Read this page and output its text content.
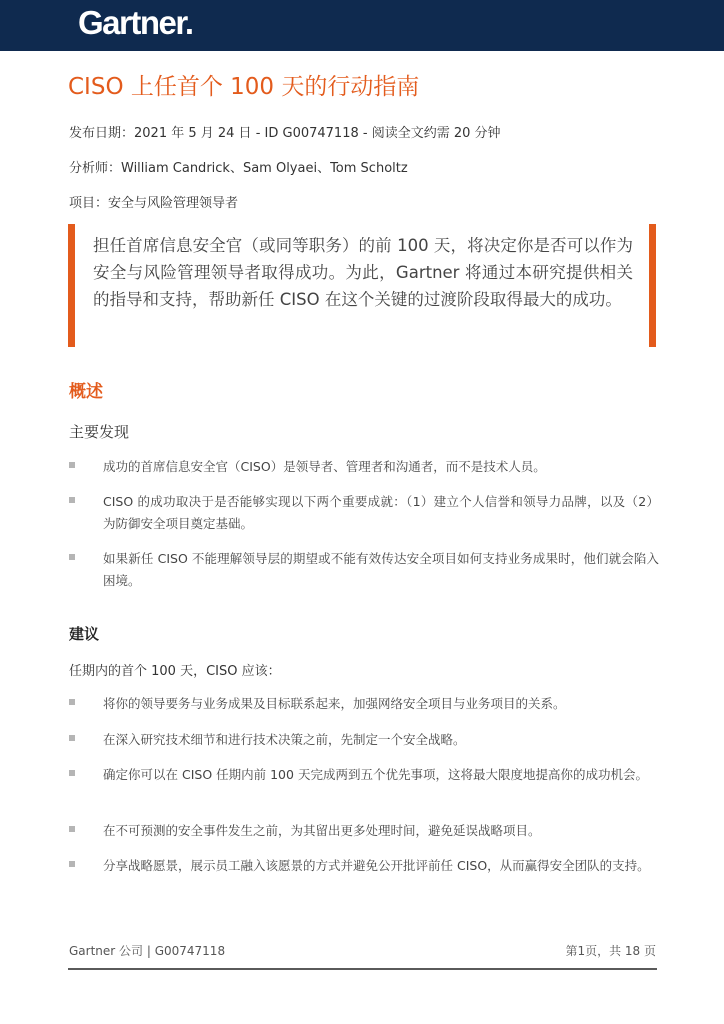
Gartner.
CISO 上任首个 100 天的行动指南
发布日期：2021 年 5 月 24 日 - ID G00747118 - 阅读全文约需 20 分钟
分析师：William Candrick、Sam Olyaei、Tom Scholtz
项目：安全与风险管理领导者
担任首席信息安全官（或同等职务）的前 100 天，将决定你是否可以作为安全与风险管理领导者取得成功。为此，Gartner 将通过本研究提供相关的指导和支持，帮助新任 CISO 在这个关键的过渡阶段取得最大的成功。
概述
主要发现
成功的首席信息安全官（CISO）是领导者、管理者和沟通者，而不是技术人员。
CISO 的成功取决于是否能够实现以下两个重要成就：（1）建立个人信誉和领导力品牌，以及（2）为防御安全项目奠定基础。
如果新任 CISO 不能理解领导层的期望或不能有效传达安全项目如何支持业务成果时，他们就会陷入困境。
建议
任期内的首个 100 天，CISO 应该：
将你的领导要务与业务成果及目标联系起来，加强网络安全项目与业务项目的关系。
在深入研究技术细节和进行技术决策之前，先制定一个安全战略。
确定你可以在 CISO 任期内前 100 天完成两到五个优先事项，这将最大限度地提高你的成功机会。
在不可预测的安全事件发生之前，为其留出更多处理时间，避免延误战略项目。
分享战略愿景，展示员工融入该愿景的方式并避免公开批评前任 CISO，从而赢得安全团队的支持。
Gartner 公司 | G00747118	第1页，共 18 页
